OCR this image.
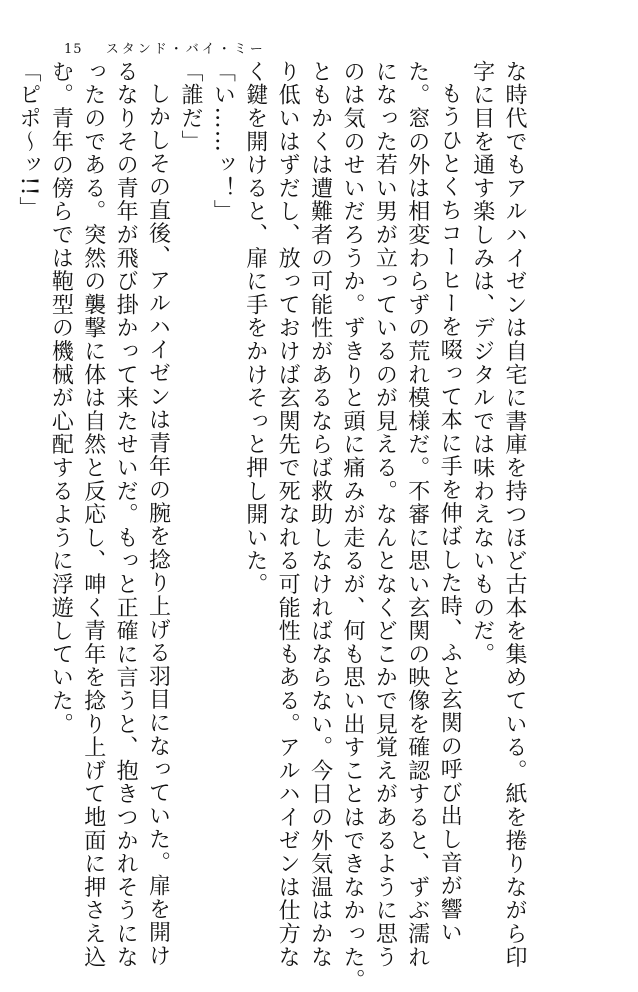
15 スタンド・バイ・ミー

な時代でもアルハイゼンは自宅に書庫を持つほど古本を集めている。紙を捲りながら印

字に目を通す楽しみは、デジタルでは味わえないものだ。

もうひとくちコーヒーを啜って本に手を伸ばした時、ふと玄関の呼び出し音が響い

た。窓の外は相変わらずの荒れ模様だ。不審に思い玄関の映像を確認すると、ずぶ濡れ

になった若い男が立っているのが見える。なんとなくどこかで見覚えがあるように思う

のは気のせいだろうか。ずきりと頭に痛みが走るが、何も思い出すことはできなかった。

ともかくは遭難者の可能性があるならば救助しなければならない。今日の外気温はかな

り低いはずだし、放っておけば玄関先で死なれる可能性もある。アルハイゼンは仕方な

く鍵を開けると、扉に手をかけそっと押し開いた。

「い……ッ！」

「誰だ」

しかしその直後、アルハイゼンは青年の腕を捻り上げる羽目になっていた。扉を開け

るなりその青年が飛び掛かって来たせいだ。もっと正確に言うと、抱きつかれそうにな

ったのである。突然の襲撃に体は自然と反応し、呻く青年を捻り上げて地面に押さえ込

む。青年の傍らでは鞄型の機械が心配するように浮遊していた。

「ピポ〜ッ!!」
